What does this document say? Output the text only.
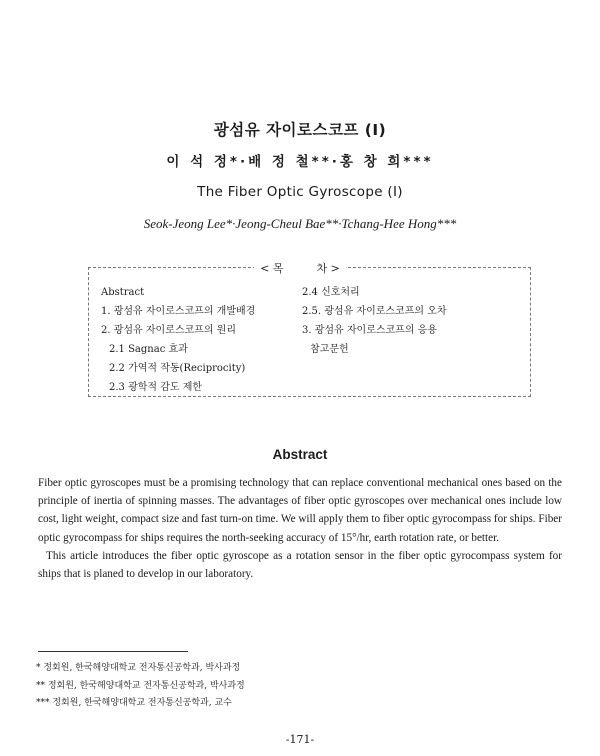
광섬유 자이로스코프 (Ⅰ)
이 석 정*·배 정 철**·홍 창 희***
The Fiber Optic Gyroscope (Ⅰ)
Seok-Jeong Lee*·Jeong-Cheul Bae**·Tchang-Hee Hong***
< 목　　　차 >
Abstract
1. 광섬유 자이로스코프의 개발배경
2. 광섬유 자이로스코프의 원리
2.1 Sagnac 효과
2.2 가역적 작동(Reciprocity)
2.3 광학적 감도 제한
2.4 신호처리
2.5. 광섬유 자이로스코프의 오차
3. 광섬유 자이로스코프의 응용
참고문헌
Abstract

Fiber optic gyroscopes must be a promising technology that can replace conventional mechanical ones based on the principle of inertia of spinning masses. The advantages of fiber optic gyroscopes over mechanical ones include low cost, light weight, compact size and fast turn-on time. We will apply them to fiber optic gyrocompass for ships. Fiber optic gyrocompass for ships requires the north-seeking accuracy of 15°/hr, earth rotation rate, or better.

This article introduces the fiber optic gyroscope as a rotation sensor in the fiber optic gyrocompass system for ships that is planed to develop in our laboratory.

* 정회원, 한국해양대학교 전자통신공학과, 박사과정
** 정회원, 한국해양대학교 전자통신공학과, 박사과정
*** 정회원, 한국해양대학교 전자통신공학과, 교수
-171-
